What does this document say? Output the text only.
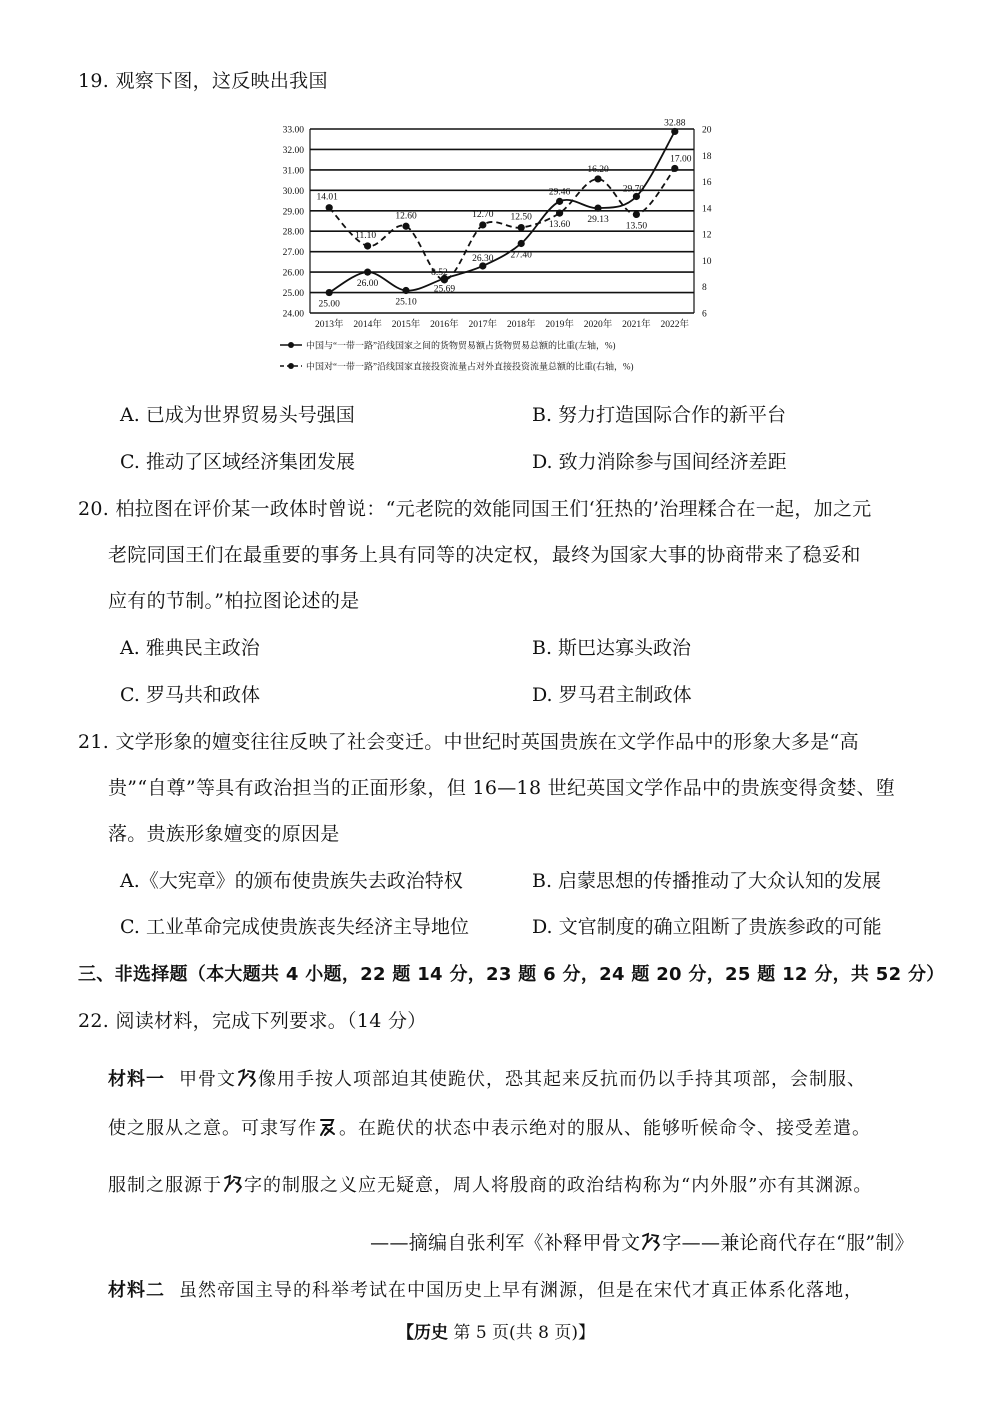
19. 观察下图，这反映出我国
24.00
25.00
26.00
27.00
28.00
29.00
30.00
31.00
32.00
33.00
6
8
10
12
14
16
18
20
2013年 2014年 2015年 2016年 2017年 2018年 2019年 2020年 2021年 2022年
25.00
26.00
25.10
25.69
26.30 27.40
29.46
29.13
29.70
32.88
14.01
11.10
12.60
8.52
12.70 12.50
13.60
16.20
13.50
17.00
中国与“一带一路”沿线国家之间的货物贸易额占货物贸易总额的比重(左轴，%)
中国对“一带一路”沿线国家直接投资流量占对外直接投资流量总额的比重(右轴，%)
A. 已成为世界贸易头号强国	B. 努力打造国际合作的新平台
C. 推动了区域经济集团发展	D. 致力消除参与国间经济差距
20. 柏拉图在评价某一政体时曾说：“元老院的效能同国王们‘狂热的’治理糅合在一起，加之元
老院同国王们在最重要的事务上具有同等的决定权，最终为国家大事的协商带来了稳妥和
应有的节制。”柏拉图论述的是
A. 雅典民主政治	B. 斯巴达寡头政治
C. 罗马共和政体	D. 罗马君主制政体
21. 文学形象的嬗变往往反映了社会变迁。中世纪时英国贵族在文学作品中的形象大多是“高
贵”“自尊”等具有政治担当的正面形象，但 16—18 世纪英国文学作品中的贵族变得贪婪、堕
落。贵族形象嬗变的原因是
A.《大宪章》的颁布使贵族失去政治特权	B. 启蒙思想的传播推动了大众认知的发展
C. 工业革命完成使贵族丧失经济主导地位	D. 文官制度的确立阻断了贵族参政的可能
三、非选择题（本大题共 4 小题，22 题 14 分，23 题 6 分，24 题 20 分，25 题 12 分，共 52 分）
22. 阅读材料，完成下列要求。（14 分）
材料一 甲骨文 像用手按人项部迫其使跪伏，恐其起来反抗而仍以手持其项部，会制服、
使之服从之意。可隶写作 。在跪伏的状态中表示绝对的服从、能够听候命令、接受差遣。
服制之服源于 字的制服之义应无疑意，周人将殷商的政治结构称为“内外服”亦有其渊源。
——摘编自张利军《补释甲骨文 字——兼论商代存在“服”制》
材料二 虽然帝国主导的科举考试在中国历史上早有渊源，但是在宋代才真正体系化落地，
【历史 第 5 页(共 8 页)】
